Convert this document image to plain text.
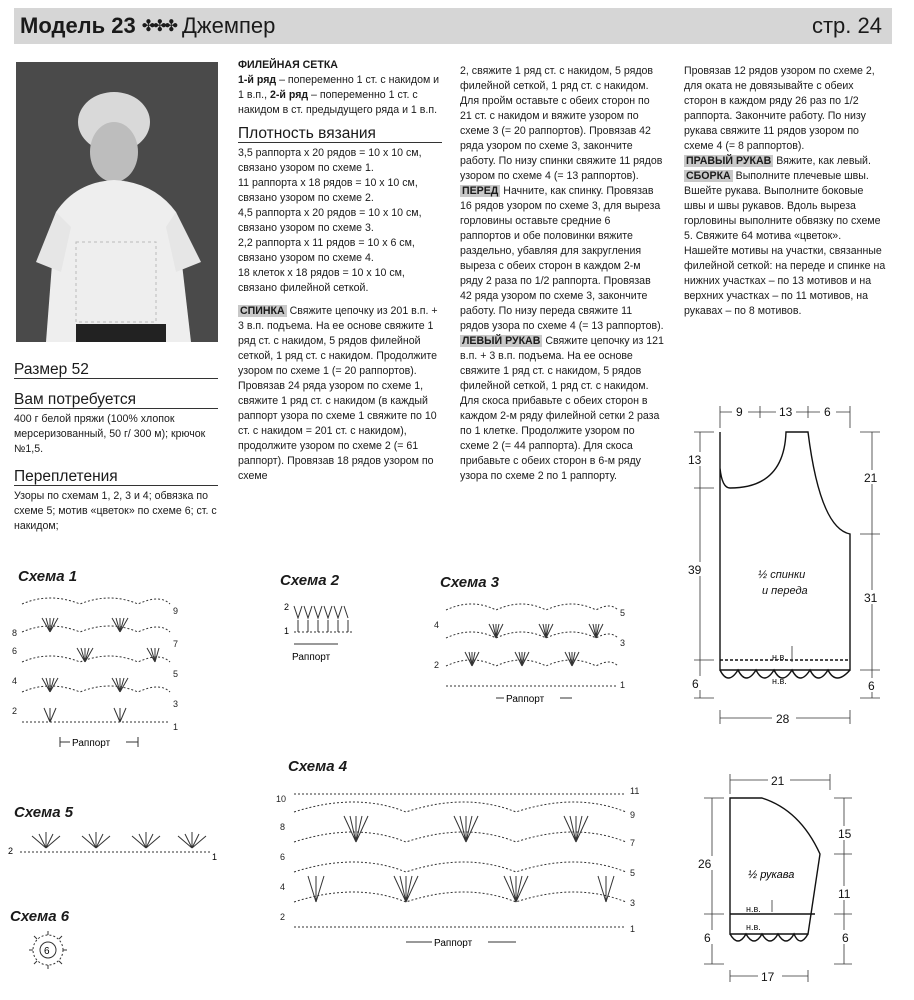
Модель 23 ✤✤✤ Джемпер	стр. 24
Размер 52
Вам потребуется
400 г белой пряжи (100% хлопок мерсеризованный, 50 г/ 300 м); крючок №1,5.
Переплетения
Узоры по схемам 1, 2, 3 и 4; обвязка по схеме 5; мотив «цветок» по схеме 6; ст. с накидом;
ФИЛЕЙНАЯ СЕТКА
1-й ряд – попеременно 1 ст. с накидом и 1 в.п., 2-й ряд – попеременно 1 ст. с накидом в ст. предыдущего ряда и 1 в.п.
Плотность вязания
3,5 раппорта x 20 рядов = 10 x 10 см, связано узором по схеме 1.
11 раппорта x 18 рядов = 10 x 10 см, связано узором по схеме 2.
4,5 раппорта x 20 рядов = 10 x 10 см, связано узором по схеме 3.
2,2 раппорта x 11 рядов = 10 x 6 см, связано узором по схеме 4.
18 клеток x 18 рядов = 10 x 10 см, связано филейной сеткой.
СПИНКА Свяжите цепочку из 201 в.п. + 3 в.п. подъема. На ее основе свяжите 1 ряд ст. с накидом, 5 рядов филейной сеткой, 1 ряд ст. с накидом. Продолжите узором по схеме 1 (= 20 раппортов). Провязав 24 ряда узором по схеме 1, свяжите 1 ряд ст. с накидом (в каждый раппорт узора по схеме 1 свяжите по 10 ст. с накидом = 201 ст. с накидом), продолжите узором по схеме 2 (= 61 раппорт). Провязав 18 рядов узором по схеме
2, свяжите 1 ряд ст. с накидом, 5 рядов филейной сеткой, 1 ряд ст. с накидом. Для пройм оставьте с обеих сторон по 21 ст. с накидом и вяжите узором по схеме 3 (= 20 раппортов). Провязав 42 ряда узором по схеме 3, закончите работу. По низу спинки свяжите 11 рядов узором по схеме 4 (= 13 раппортов).
ПЕРЕД Начните, как спинку. Провязав 16 рядов узором по схеме 3, для выреза горловины оставьте средние 6 раппортов и обе половинки вяжите раздельно, убавляя для закругления выреза с обеих сторон в каждом 2-м ряду 2 раза по 1/2 раппорта. Провязав 42 ряда узором по схеме 3, закончите работу. По низу переда свяжите 11 рядов узора по схеме 4 (= 13 раппортов).
ЛЕВЫЙ РУКАВ Свяжите цепочку из 121 в.п. + 3 в.п. подъема. На ее основе свяжите 1 ряд ст. с накидом, 5 рядов филейной сеткой, 1 ряд ст. с накидом. Для скоса прибавьте с обеих сторон в каждом 2-м ряду филейной сетки 2 раза по 1 клетке. Продолжите узором по схеме 2 (= 44 раппорта). Для скоса прибавьте с обеих сторон в 6-м ряду узора по схеме 2 по 1 раппорту.
Провязав 12 рядов узором по схеме 2, для оката не довязывайте с обеих сторон в каждом ряду 26 раз по 1/2 раппорта. Закончите работу. По низу рукава свяжите 11 рядов узором по схеме 4 (= 8 раппортов).
ПРАВЫЙ РУКАВ Вяжите, как левый.
СБОРКА Выполните плечевые швы. Вшейте рукава. Выполните боковые швы и швы рукавов. Вдоль выреза горловины выполните обвязку по схеме 5. Свяжите 64 мотива «цветок». Нашейте мотивы на участки, связанные филейной сеткой: на переде и спинке на нижних участках – по 13 мотивов и на верхних участках – по 11 мотивов, на рукавах – по 8 мотивов.
Схема 1	Схема 2	Схема 3
Схема 4
Схема 5
Схема 6
9
7
5
3
1
8
6
4
2
Раппорт
2
1
Раппорт
5
3
1
4
2
Раппорт
10
8
6
4
2
11
9
7
5
3
1
Раппорт
2
1
6
9	13	6
13
39
6
21
31
6
28
½ спинки
и переда
н.в.
н.в.
21
26
6
15
11
6
17
½ рукава
н.в.
н.в.
